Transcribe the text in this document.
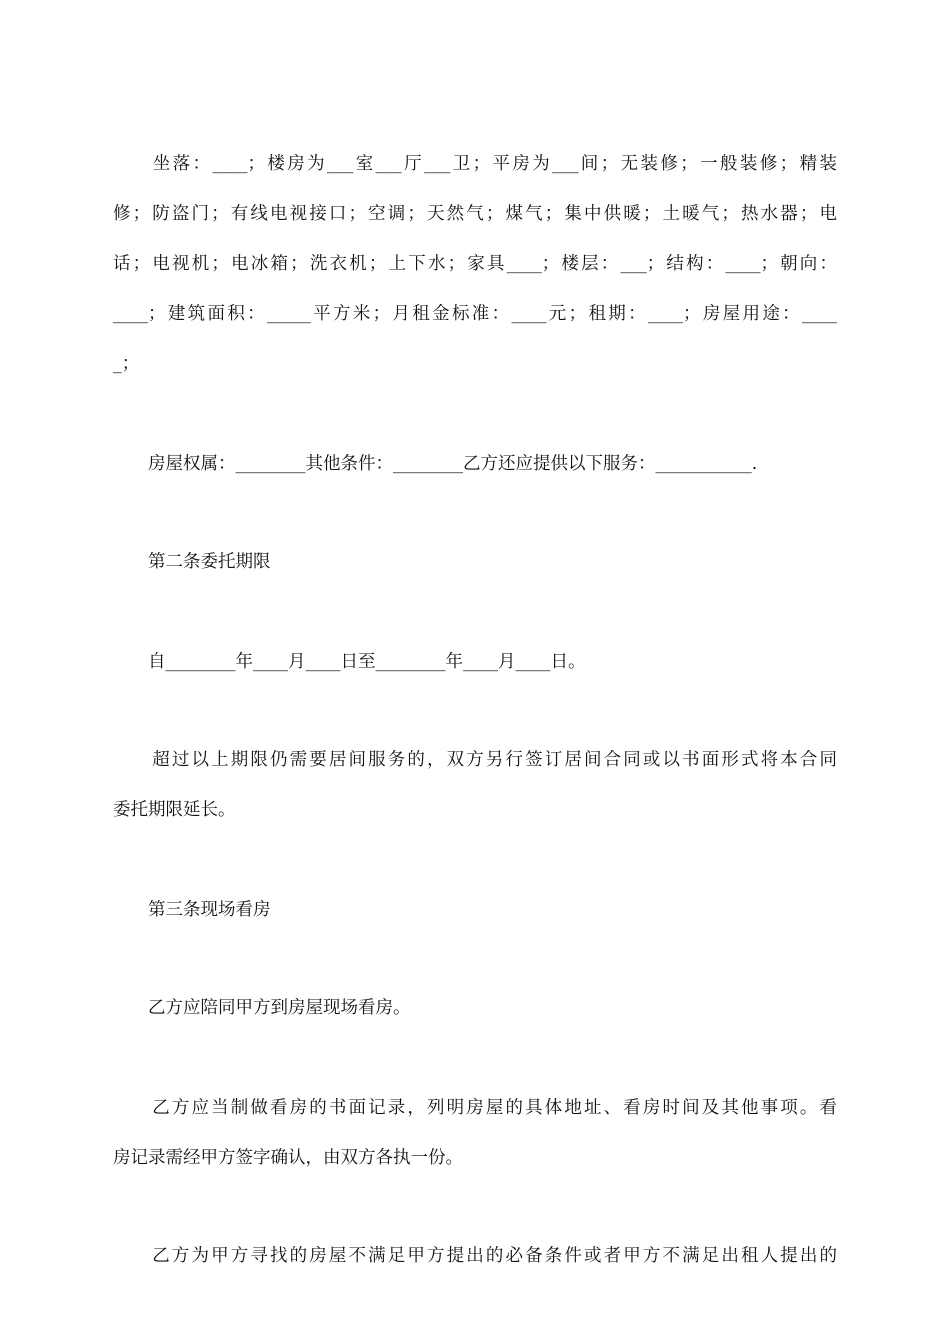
　　坐落：____；楼房为___室___厅___卫；平房为___间；无装修；一般装修；精装
修；防盗门；有线电视接口；空调；天然气；煤气；集中供暖；土暖气；热水器；电
话；电视机；电冰箱；洗衣机；上下水；家具____；楼层：___；结构：____；朝向：
____；建筑面积：_____平方米；月租金标准：____元；租期：____；房屋用途：____
_；
　　房屋权属：________其他条件：________乙方还应提供以下服务：___________.
　　第二条委托期限
　　自________年____月____日至________年____月____日。
　　超过以上期限仍需要居间服务的，双方另行签订居间合同或以书面形式将本合同
委托期限延长。
　　第三条现场看房
　　乙方应陪同甲方到房屋现场看房。
　　乙方应当制做看房的书面记录，列明房屋的具体地址、看房时间及其他事项。看
房记录需经甲方签字确认，由双方各执一份。
　　乙方为甲方寻找的房屋不满足甲方提出的必备条件或者甲方不满足出租人提出的
